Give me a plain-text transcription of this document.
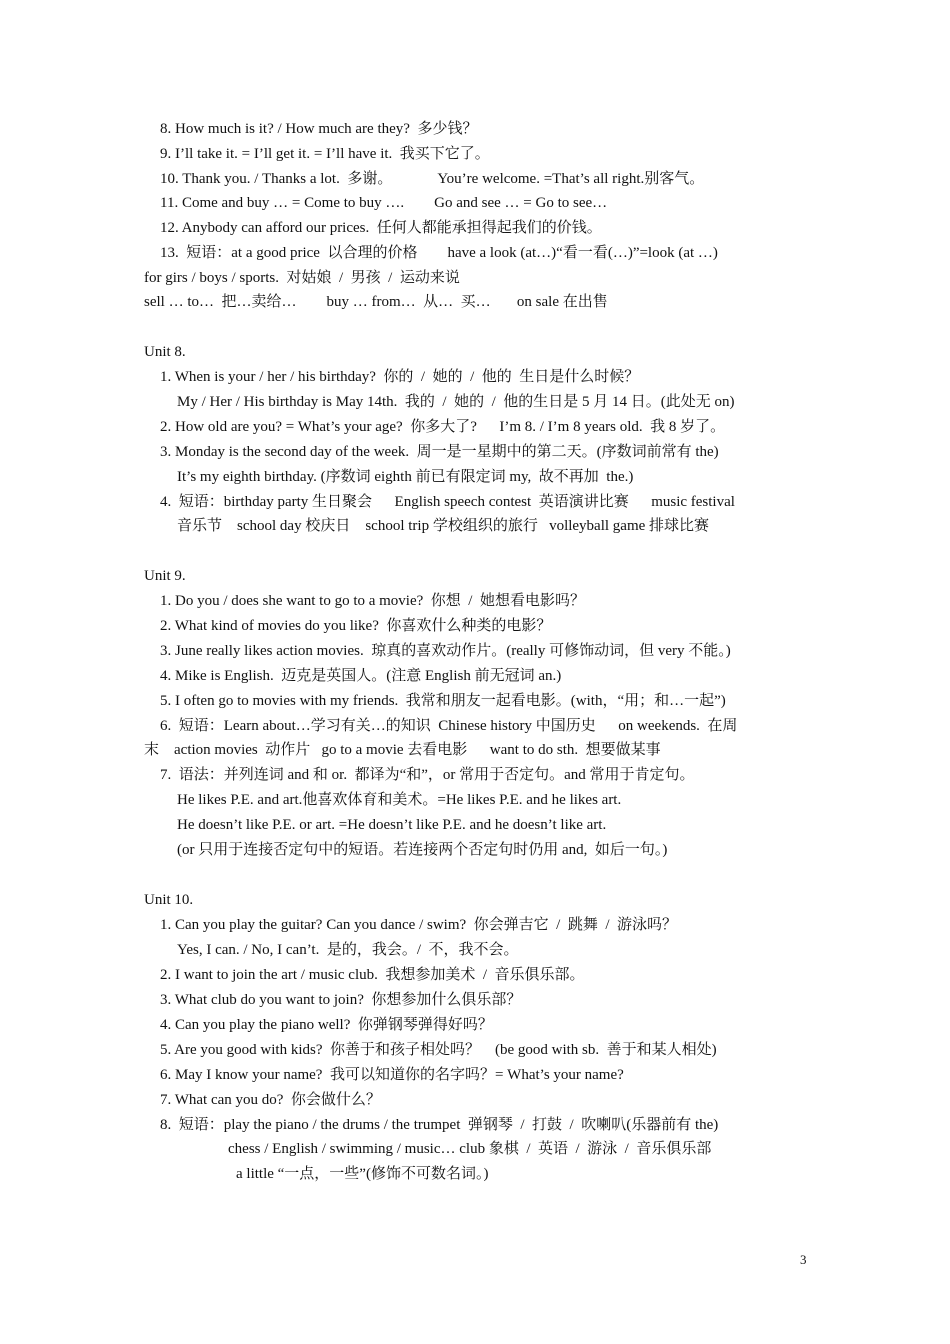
8. How much is it? / How much are they?  多少钱？
9. I’ll take it. = I’ll get it. = I’ll have it.  我买下它了。
10. Thank you. / Thanks a lot.  多谢。            You’re welcome. =That’s all right.别客气。
11. Come and buy … = Come to buy ….        Go and see … = Go to see…
12. Anybody can afford our prices.  任何人都能承担得起我们的价钱。
13.  短语：at a good price  以合理的价格        have a look (at…)“看一看(…)”=look (at …)
for girs / boys / sports.  对姑娘  /  男孩  /  运动来说
sell … to…  把…卖给…        buy … from…  从…  买…       on sale 在出售
Unit 8.
1. When is your / her / his birthday?  你的  /  她的  /  他的  生日是什么时候？
My / Her / His birthday is May 14th.  我的  /  她的  /  他的生日是 5 月 14 日。(此处无 on)
2. How old are you? = What’s your age?  你多大了?      I’m 8. / I’m 8 years old.  我 8 岁了。
3. Monday is the second day of the week.  周一是一星期中的第二天。(序数词前常有 the)
It’s my eighth birthday. (序数词 eighth 前已有限定词 my,  故不再加  the.)
4.  短语：birthday party 生日聚会      English speech contest  英语演讲比赛      music festival
音乐节    school day 校庆日    school trip 学校组织的旅行   volleyball game 排球比赛
Unit 9.
1. Do you / does she want to go to a movie?  你想  /  她想看电影吗？
2. What kind of movies do you like?  你喜欢什么种类的电影？
3. June really likes action movies.  琼真的喜欢动作片。(really 可修饰动词，但 very 不能。)
4. Mike is English.  迈克是英国人。(注意 English 前无冠词 an.)
5. I often go to movies with my friends.  我常和朋友一起看电影。(with，“用；和…一起”)
6.  短语：Learn about…学习有关…的知识  Chinese history 中国历史      on weekends.  在周
末    action movies  动作片   go to a movie 去看电影      want to do sth.  想要做某事
7.  语法：并列连词 and 和 or.  都译为“和”，or 常用于否定句。and 常用于肯定句。
He likes P.E. and art.他喜欢体育和美术。=He likes P.E. and he likes art.
He doesn’t like P.E. or art. =He doesn’t like P.E. and he doesn’t like art.
(or 只用于连接否定句中的短语。若连接两个否定句时仍用 and,  如后一句。)
Unit 10.
1. Can you play the guitar? Can you dance / swim?  你会弹吉它  /  跳舞  /  游泳吗？
Yes, I can. / No, I can’t.  是的，我会。/  不，我不会。
2. I want to join the art / music club.  我想参加美术  /  音乐俱乐部。
3. What club do you want to join?  你想参加什么俱乐部？
4. Can you play the piano well?  你弹钢琴弹得好吗？
5. Are you good with kids?  你善于和孩子相处吗？    (be good with sb.  善于和某人相处)
6. May I know your name?  我可以知道你的名字吗？= What’s your name?
7. What can you do?  你会做什么？
8.  短语：play the piano / the drums / the trumpet  弹钢琴  /  打鼓  /  吹喇叭(乐器前有 the)
chess / English / swimming / music… club 象棋  /  英语  /  游泳  /  音乐俱乐部
a little “一点，一些”(修饰不可数名词。)
3
